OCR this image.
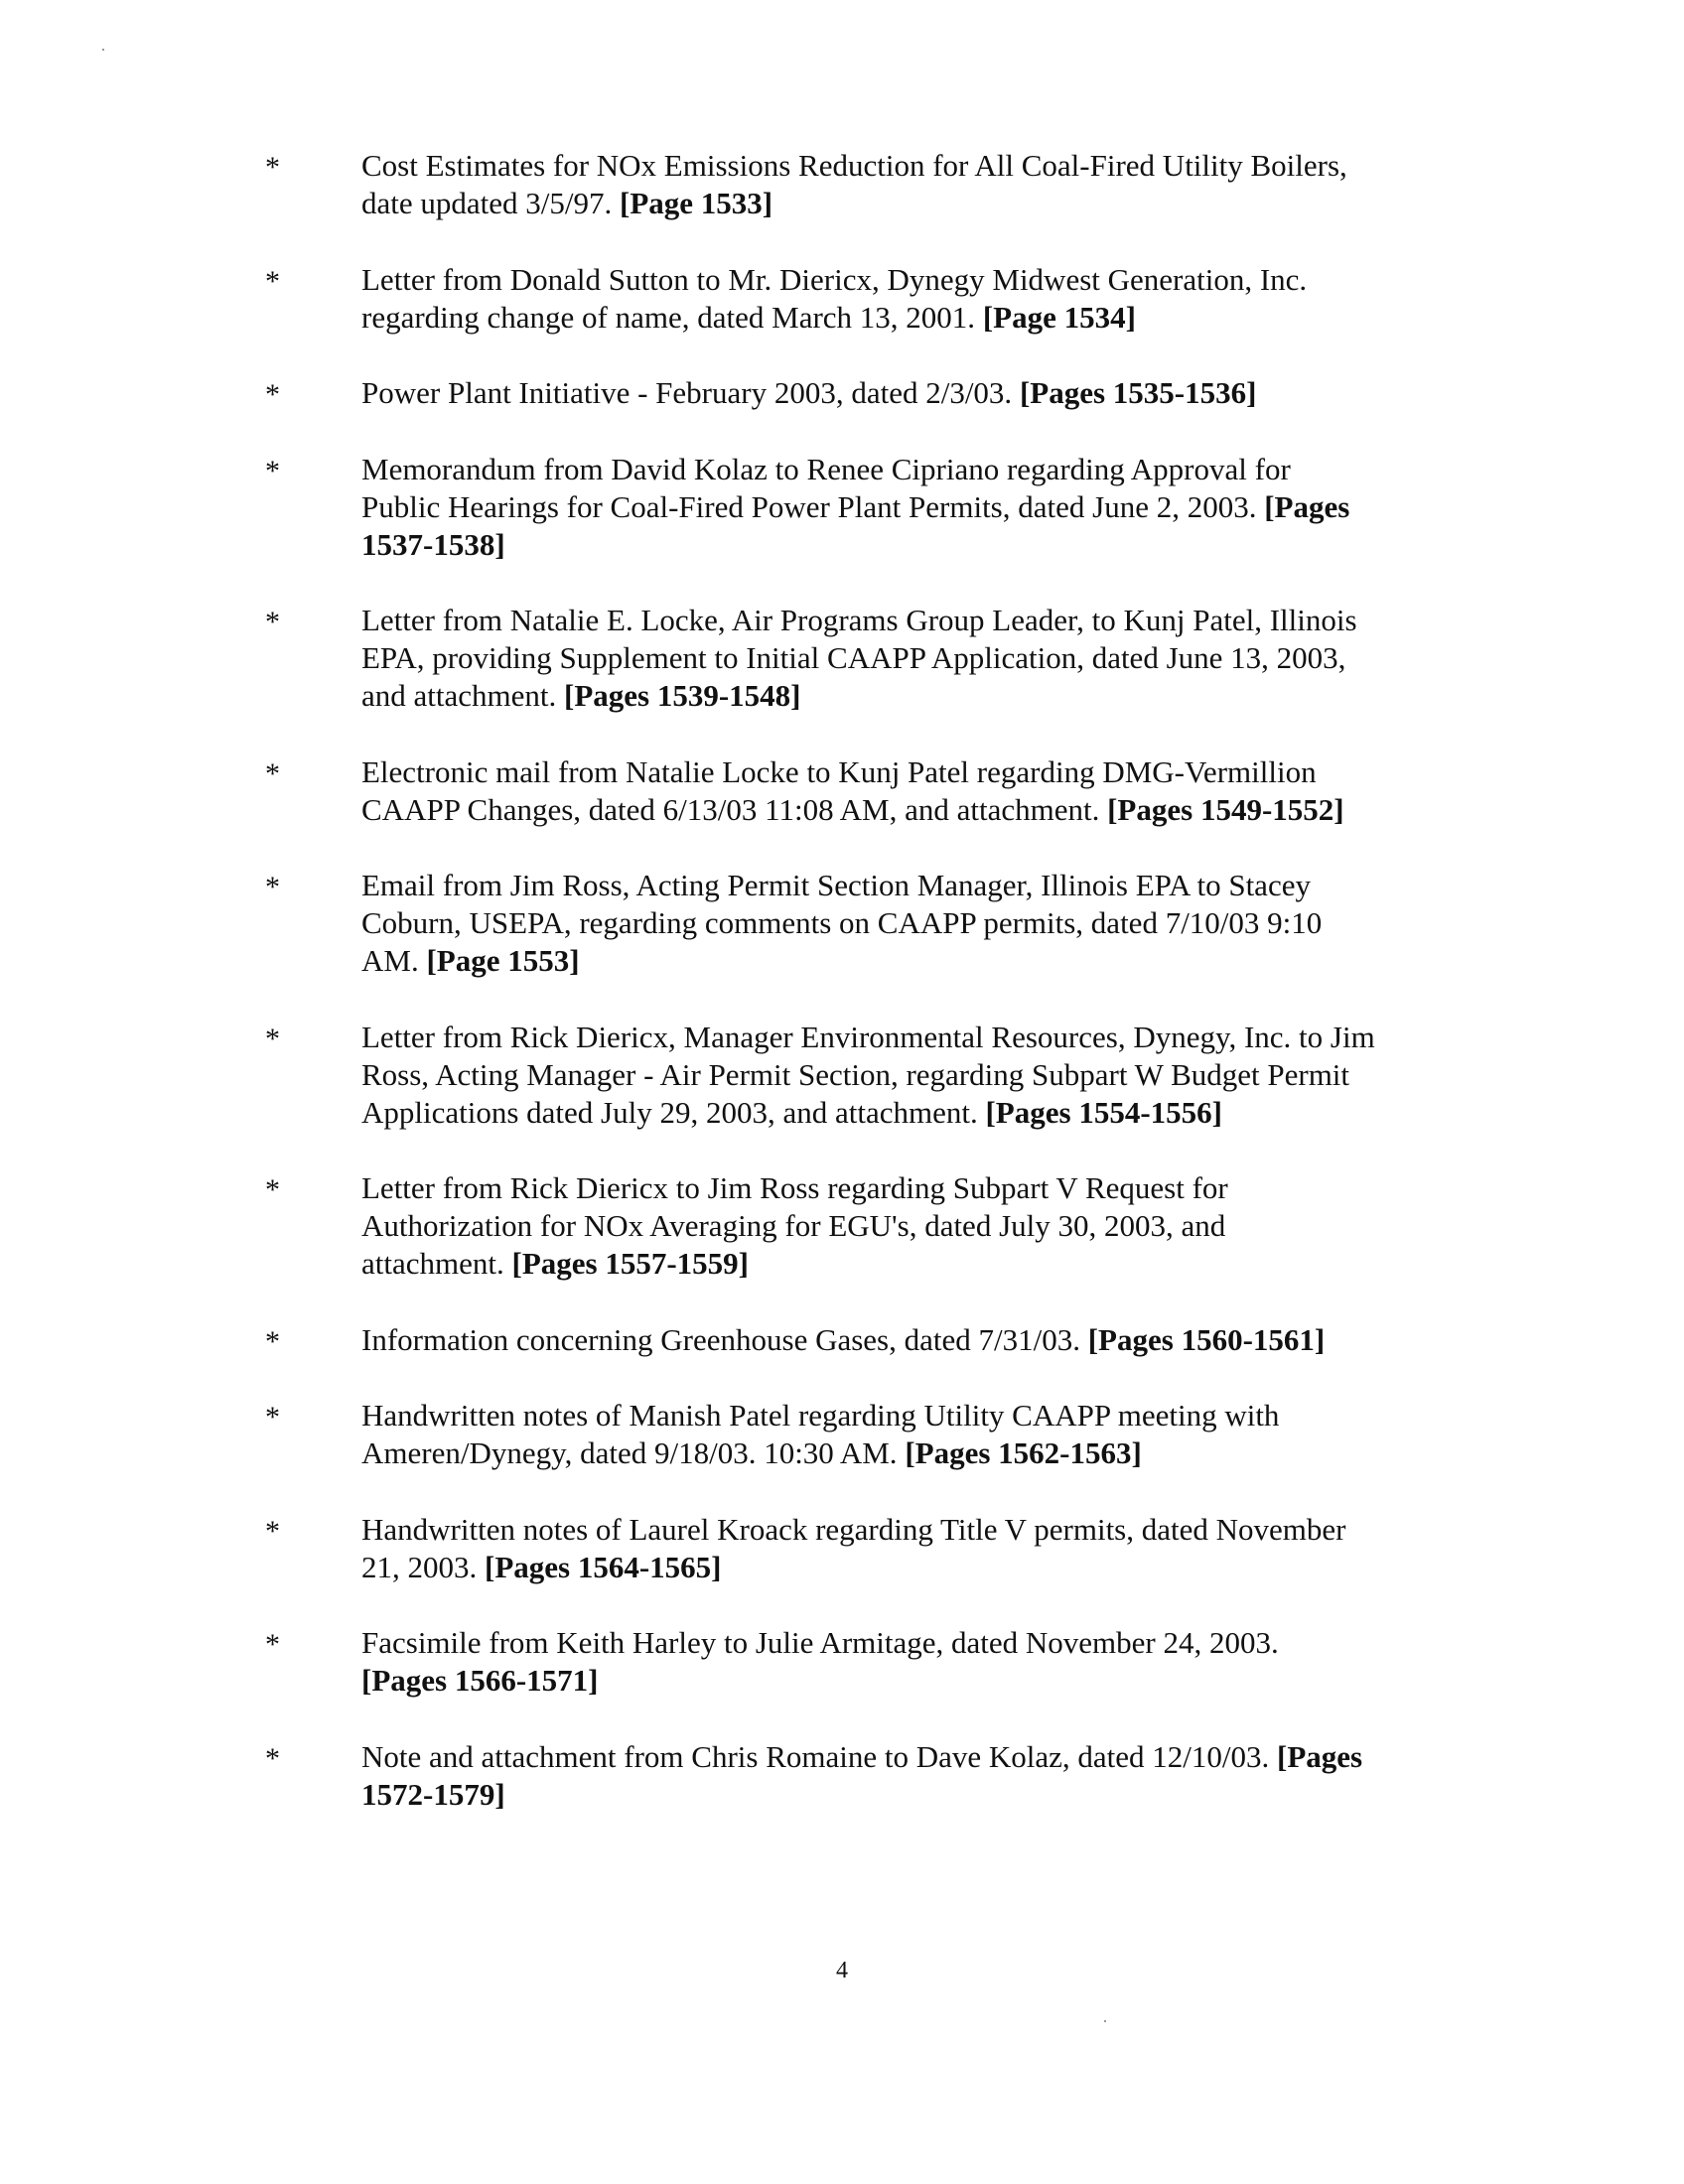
*	Cost Estimates for NOx Emissions Reduction for All Coal-Fired Utility Boilers,
date updated 3/5/97. [Page 1533]
*	Letter from Donald Sutton to Mr. Diericx, Dynegy Midwest Generation, Inc.
regarding change of name, dated March 13, 2001. [Page 1534]
*	Power Plant Initiative - February 2003, dated 2/3/03. [Pages 1535-1536]
*	Memorandum from David Kolaz to Renee Cipriano regarding Approval for
Public Hearings for Coal-Fired Power Plant Permits, dated June 2, 2003. [Pages
1537-1538]
*	Letter from Natalie E. Locke, Air Programs Group Leader, to Kunj Patel, Illinois
EPA, providing Supplement to Initial CAAPP Application, dated June 13, 2003,
and attachment. [Pages 1539-1548]
*	Electronic mail from Natalie Locke to Kunj Patel regarding DMG-Vermillion
CAAPP Changes, dated 6/13/03 11:08 AM, and attachment. [Pages 1549-1552]
*	Email from Jim Ross, Acting Permit Section Manager, Illinois EPA to Stacey
Coburn, USEPA, regarding comments on CAAPP permits, dated 7/10/03 9:10
AM. [Page 1553]
*	Letter from Rick Diericx, Manager Environmental Resources, Dynegy, Inc. to Jim
Ross, Acting Manager - Air Permit Section, regarding Subpart W Budget Permit
Applications dated July 29, 2003, and attachment. [Pages 1554-1556]
*	Letter from Rick Diericx to Jim Ross regarding Subpart V Request for
Authorization for NOx Averaging for EGU's, dated July 30, 2003, and
attachment. [Pages 1557-1559]
*	Information concerning Greenhouse Gases, dated 7/31/03. [Pages 1560-1561]
*	Handwritten notes of Manish Patel regarding Utility CAAPP meeting with
Ameren/Dynegy, dated 9/18/03. 10:30 AM. [Pages 1562-1563]
*	Handwritten notes of Laurel Kroack regarding Title V permits, dated November
21, 2003. [Pages 1564-1565]
*	Facsimile from Keith Harley to Julie Armitage, dated November 24, 2003.
[Pages 1566-1571]
*	Note and attachment from Chris Romaine to Dave Kolaz, dated 12/10/03. [Pages
1572-1579]
4
